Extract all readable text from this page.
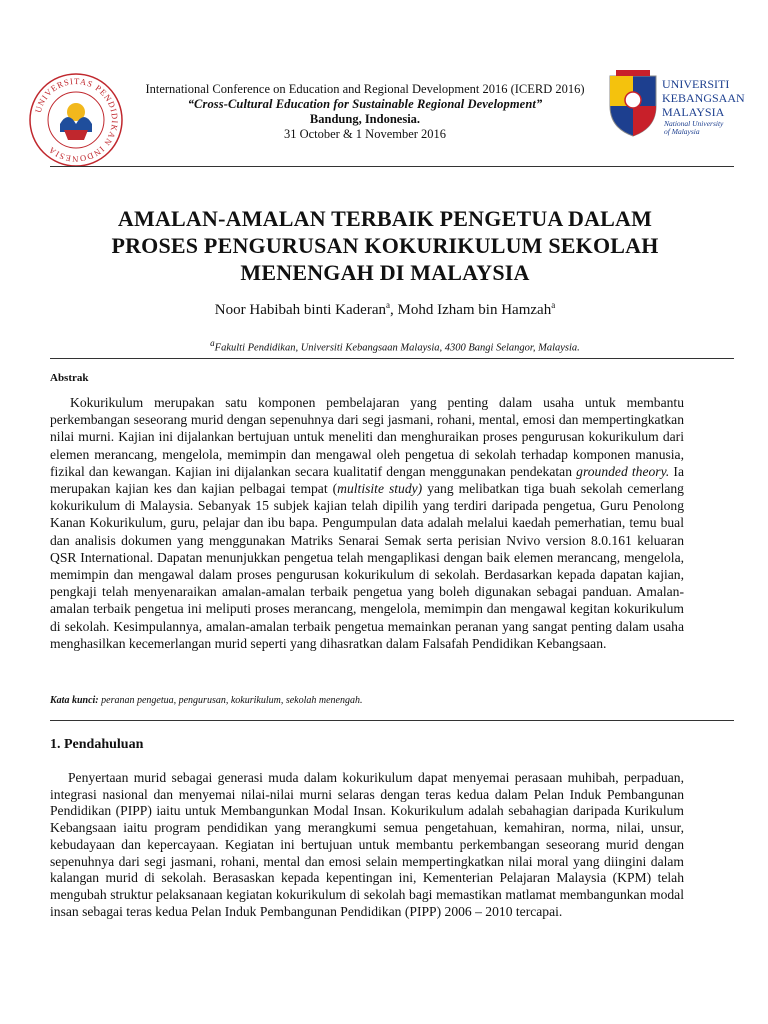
UNIVERSITAS PENDIDIKAN INDONESIA
International Conference on Education and Regional Development 2016 (ICERD 2016)
“Cross-Cultural Education for Sustainable Regional Development”
Bandung, Indonesia.
31 October & 1 November 2016
UNIVERSITI
KEBANGSAAN
MALAYSIA
National University
of Malaysia
AMALAN-AMALAN TERBAIK PENGETUA DALAM
PROSES PENGURUSAN KOKURIKULUM SEKOLAH
MENENGAH DI MALAYSIA
Noor Habibah binti Kaderan$^a$, Mohd Izham bin Hamzah$^a$
$^a$Fakulti Pendidikan, Universiti Kebangsaan Malaysia, 4300 Bangi Selangor, Malaysia.
Abstrak

Kokurikulum merupakan satu komponen pembelajaran yang penting dalam usaha untuk membantu perkembangan seseorang murid dengan sepenuhnya dari segi jasmani, rohani, mental, emosi dan mempertingkatkan nilai murni. Kajian ini dijalankan bertujuan untuk meneliti dan menghuraikan proses pengurusan kokurikulum dari elemen merancang, mengelola, memimpin dan mengawal oleh pengetua di sekolah terhadap komponen manusia, fizikal dan kewangan. Kajian ini dijalankan secara kualitatif dengan menggunakan pendekatan grounded theory. Ia merupakan kajian kes dan kajian pelbagai tempat (multisite study) yang melibatkan tiga buah sekolah cemerlang kokurikulum di Malaysia. Sebanyak 15 subjek kajian telah dipilih yang terdiri daripada pengetua, Guru Penolong Kanan Kokurikulum, guru, pelajar dan ibu bapa. Pengumpulan data adalah melalui kaedah pemerhatian, temu bual dan analisis dokumen yang menggunakan Matriks Senarai Semak serta perisian Nvivo version 8.0.161 keluaran QSR International. Dapatan menunjukkan pengetua telah mengaplikasi dengan baik elemen merancang, mengelola, memimpin dan mengawal dalam proses pengurusan kokurikulum di sekolah. Berdasarkan kepada dapatan kajian, pengkaji telah menyenaraikan amalan-amalan terbaik pengetua yang boleh digunakan sebagai panduan. Amalan-amalan terbaik pengetua ini meliputi proses merancang, mengelola, memimpin dan mengawal kegitan kokurikulum di sekolah. Kesimpulannya, amalan-amalan terbaik pengetua memainkan peranan yang sangat penting dalam usaha menghasilkan kecemerlangan murid seperti yang dihasratkan dalam Falsafah Pendidikan Kebangsaan.

Kata kunci: peranan pengetua, pengurusan, kokurikulum, sekolah menengah.
1. Pendahuluan

Penyertaan murid sebagai generasi muda dalam kokurikulum dapat menyemai perasaan muhibah, perpaduan, integrasi nasional dan menyemai nilai-nilai murni selaras dengan teras kedua dalam Pelan Induk Pembangunan Pendidikan (PIPP) iaitu untuk Membangunkan Modal Insan. Kokurikulum adalah sebahagian daripada Kurikulum Kebangsaan iaitu program pendidikan yang merangkumi semua pengetahuan, kemahiran, norma, nilai, unsur, kebudayaan dan kepercayaan. Kegiatan ini bertujuan untuk membantu perkembangan seseorang murid dengan sepenuhnya dari segi jasmani, rohani, mental dan emosi selain mempertingkatkan nilai moral yang diingini dalam kalangan murid di sekolah. Berasaskan kepada kepentingan ini, Kementerian Pelajaran Malaysia (KPM) telah mengubah struktur pelaksanaan kegiatan kokurikulum di sekolah bagi memastikan matlamat membangunkan modal insan sebagai teras kedua Pelan Induk Pembangunan Pendidikan (PIPP) 2006 – 2010 tercapai.
